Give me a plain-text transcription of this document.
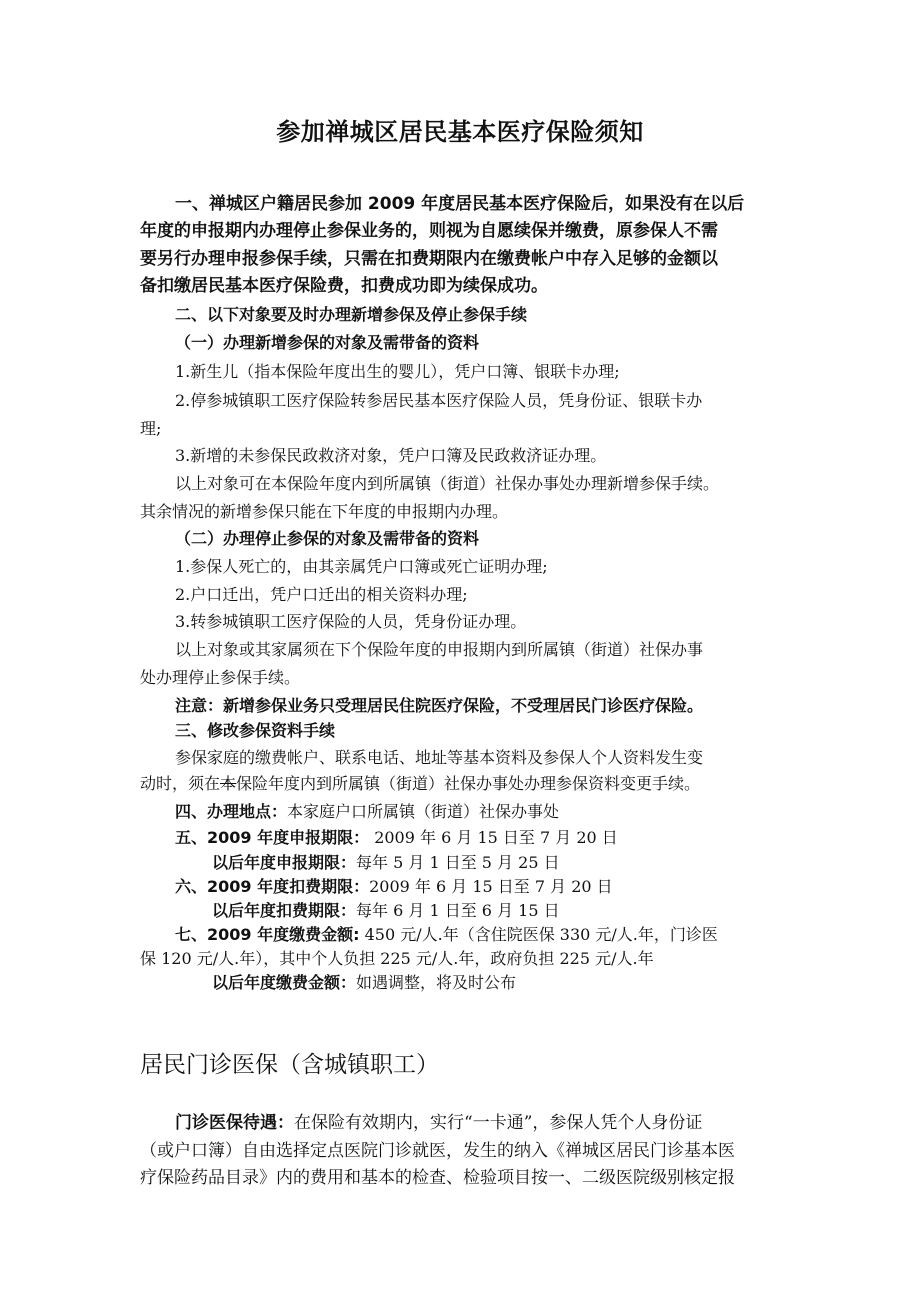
参加禅城区居民基本医疗保险须知
一、禅城区户籍居民参加 2009 年度居民基本医疗保险后，如果没有在以后
年度的申报期内办理停止参保业务的，则视为自愿续保并缴费，原参保人不需
要另行办理申报参保手续，只需在扣费期限内在缴费帐户中存入足够的金额以
备扣缴居民基本医疗保险费，扣费成功即为续保成功。
二、以下对象要及时办理新增参保及停止参保手续
（一）办理新增参保的对象及需带备的资料
1.新生儿（指本保险年度出生的婴儿），凭户口簿、银联卡办理;
2.停参城镇职工医疗保险转参居民基本医疗保险人员，凭身份证、银联卡办
理;
3.新增的未参保民政救济对象，凭户口簿及民政救济证办理。
以上对象可在本保险年度内到所属镇（街道）社保办事处办理新增参保手续。
其余情况的新增参保只能在下年度的申报期内办理。
（二）办理停止参保的对象及需带备的资料
1.参保人死亡的，由其亲属凭户口簿或死亡证明办理;
2.户口迁出，凭户口迁出的相关资料办理;
3.转参城镇职工医疗保险的人员，凭身份证办理。
以上对象或其家属须在下个保险年度的申报期内到所属镇（街道）社保办事
处办理停止参保手续。
注意：新增参保业务只受理居民住院医疗保险，不受理居民门诊医疗保险。
三、修改参保资料手续
参保家庭的缴费帐户、联系电话、地址等基本资料及参保人个人资料发生变
动时，须在本保险年度内到所属镇（街道）社保办事处办理参保资料变更手续。
四、办理地点：本家庭户口所属镇（街道）社保办事处
五、2009 年度申报期限： 2009 年 6 月 15 日至 7 月 20 日
以后年度申报期限：每年 5 月 1 日至 5 月 25 日
六、2009 年度扣费期限：2009 年 6 月 15 日至 7 月 20 日
以后年度扣费期限：每年 6 月 1 日至 6 月 15 日
七、2009 年度缴费金额: 450 元/人.年（含住院医保 330 元/人.年，门诊医
保 120 元/人.年），其中个人负担 225 元/人.年，政府负担 225 元/人.年
以后年度缴费金额：如遇调整，将及时公布
居民门诊医保（含城镇职工）
门诊医保待遇：在保险有效期内，实行“一卡通”，参保人凭个人身份证
（或户口簿）自由选择定点医院门诊就医，发生的纳入《禅城区居民门诊基本医
疗保险药品目录》内的费用和基本的检查、检验项目按一、二级医院级别核定报
